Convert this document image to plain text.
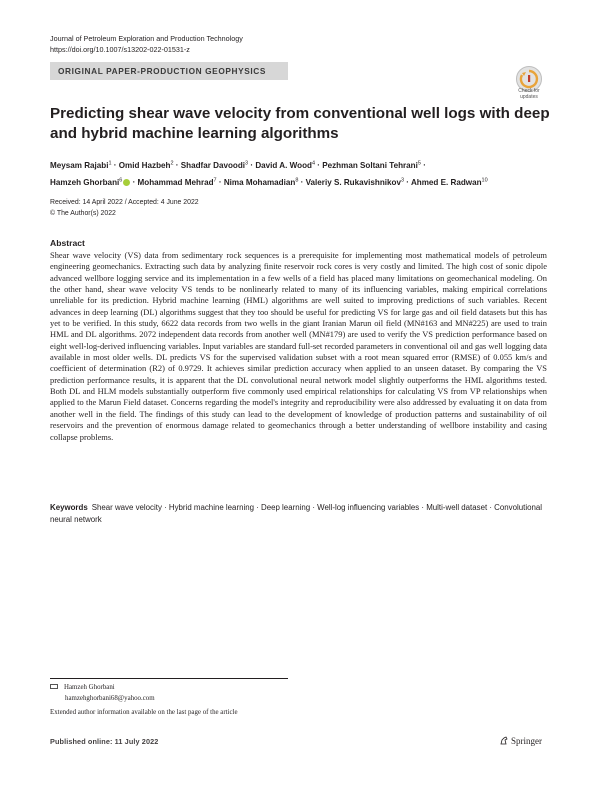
Journal of Petroleum Exploration and Production Technology
https://doi.org/10.1007/s13202-022-01531-z
ORIGINAL PAPER-PRODUCTION GEOPHYSICS
Check for
updates
Predicting shear wave velocity from conventional well logs with deep and hybrid machine learning algorithms
Meysam Rajabi$^1$ · Omid Hazbeh$^2$ · Shadfar Davoodi$^3$ · David A. Wood$^4$ · Pezhman Soltani Tehrani$^5$ ·
Hamzeh Ghorbani$^6$ · Mohammad Mehrad$^7$ · Nima Mohamadian$^8$ · Valeriy S. Rukavishnikov$^3$ · Ahmed E. Radwan$^{10}$
Received: 14 April 2022 / Accepted: 4 June 2022
© The Author(s) 2022
Abstract
Shear wave velocity (VS) data from sedimentary rock sequences is a prerequisite for implementing most mathematical models of petroleum engineering geomechanics. Extracting such data by analyzing finite reservoir rock cores is very costly and limited. The high cost of sonic dipole advanced wellbore logging service and its implementation in a few wells of a field has placed many limitations on geomechanical modeling. On the other hand, shear wave velocity VS tends to be nonlinearly related to many of its influencing variables, making empirical correlations unreliable for its prediction. Hybrid machine learning (HML) algorithms are well suited to improving predictions of such variables. Recent advances in deep learning (DL) algorithms suggest that they too should be useful for predicting VS for large gas and oil field datasets but this has yet to be verified. In this study, 6622 data records from two wells in the giant Iranian Marun oil field (MN#163 and MN#225) are used to train HML and DL algorithms. 2072 independent data records from another well (MN#179) are used to verify the VS prediction performance based on eight well-log-derived influencing variables. Input variables are standard full-set recorded parameters in conventional oil and gas well logging data available in most older wells. DL predicts VS for the supervised validation subset with a root mean squared error (RMSE) of 0.055 km/s and coefficient of determination (R2) of 0.9729. It achieves similar prediction accuracy when applied to an unseen dataset. By comparing the VS prediction performance results, it is apparent that the DL convolutional neural network model slightly outperforms the HML algorithms tested. Both DL and HLM models substantially outperform five commonly used empirical relationships for calculating VS from VP relationships when applied to the Marun Field dataset. Concerns regarding the model's integrity and reproducibility were also addressed by evaluating it on data from another well in the field. The findings of this study can lead to the development of knowledge of production patterns and sustainability of oil reservoirs and the prevention of enormous damage related to geomechanics through a better understanding of wellbore instability and casing collapse problems.
Keywords Shear wave velocity · Hybrid machine learning · Deep learning · Well-log influencing variables · Multi-well dataset · Convolutional neural network
Hamzeh Ghorbani
hamzehghorbani68@yahoo.com
Extended author information available on the last page of the article
Published online: 11 July 2022	Springer
